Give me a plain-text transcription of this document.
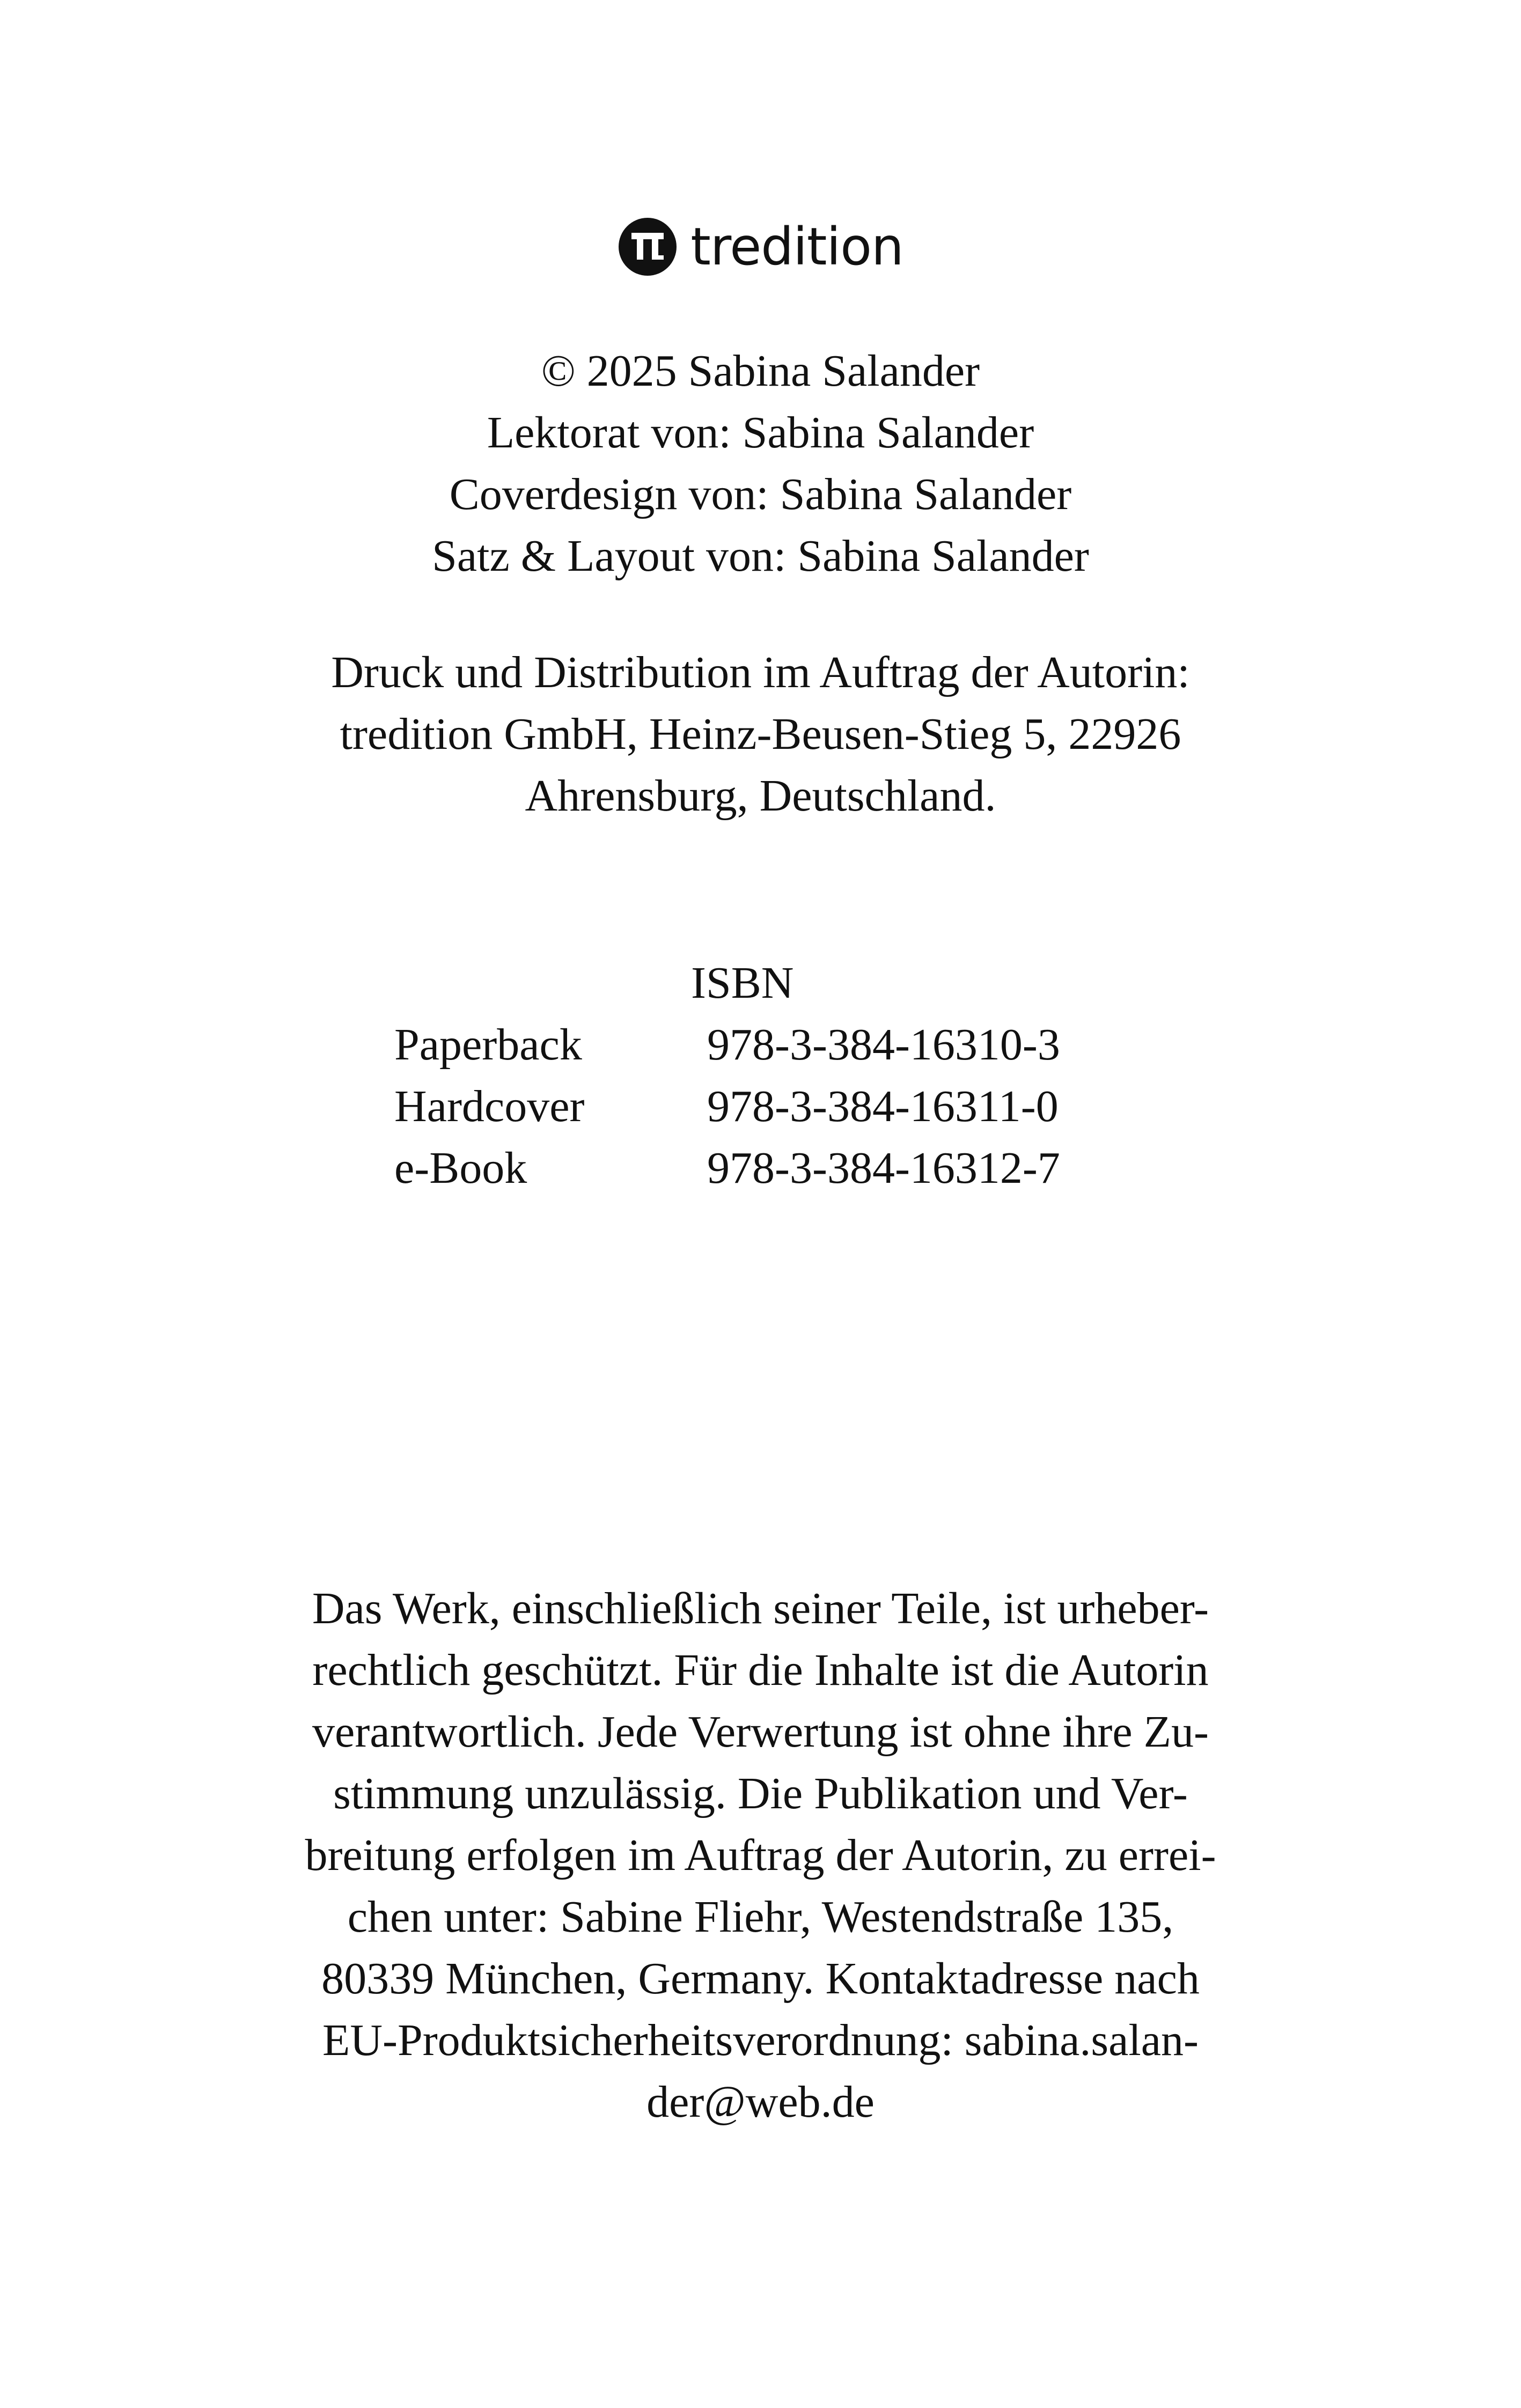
tredition
© 2025 Sabina Salander
Lektorat von: Sabina Salander
Coverdesign von: Sabina Salander
Satz & Layout von: Sabina Salander
Druck und Distribution im Auftrag der Autorin:
tredition GmbH, Heinz-Beusen-Stieg 5, 22926
Ahrensburg, Deutschland.
ISBN
Paperback	978-3-384-16310-3
Hardcover	978-3-384-16311-0
e-Book	978-3-384-16312-7
Das Werk, einschließlich seiner Teile, ist urheber-
rechtlich geschützt. Für die Inhalte ist die Autorin
verantwortlich. Jede Verwertung ist ohne ihre Zu-
stimmung unzulässig. Die Publikation und Ver-
breitung erfolgen im Auftrag der Autorin, zu errei-
chen unter: Sabine Fliehr, Westendstraße 135,
80339 München, Germany. Kontaktadresse nach
EU-Produktsicherheitsverordnung: sabina.salan-
der@web.de
